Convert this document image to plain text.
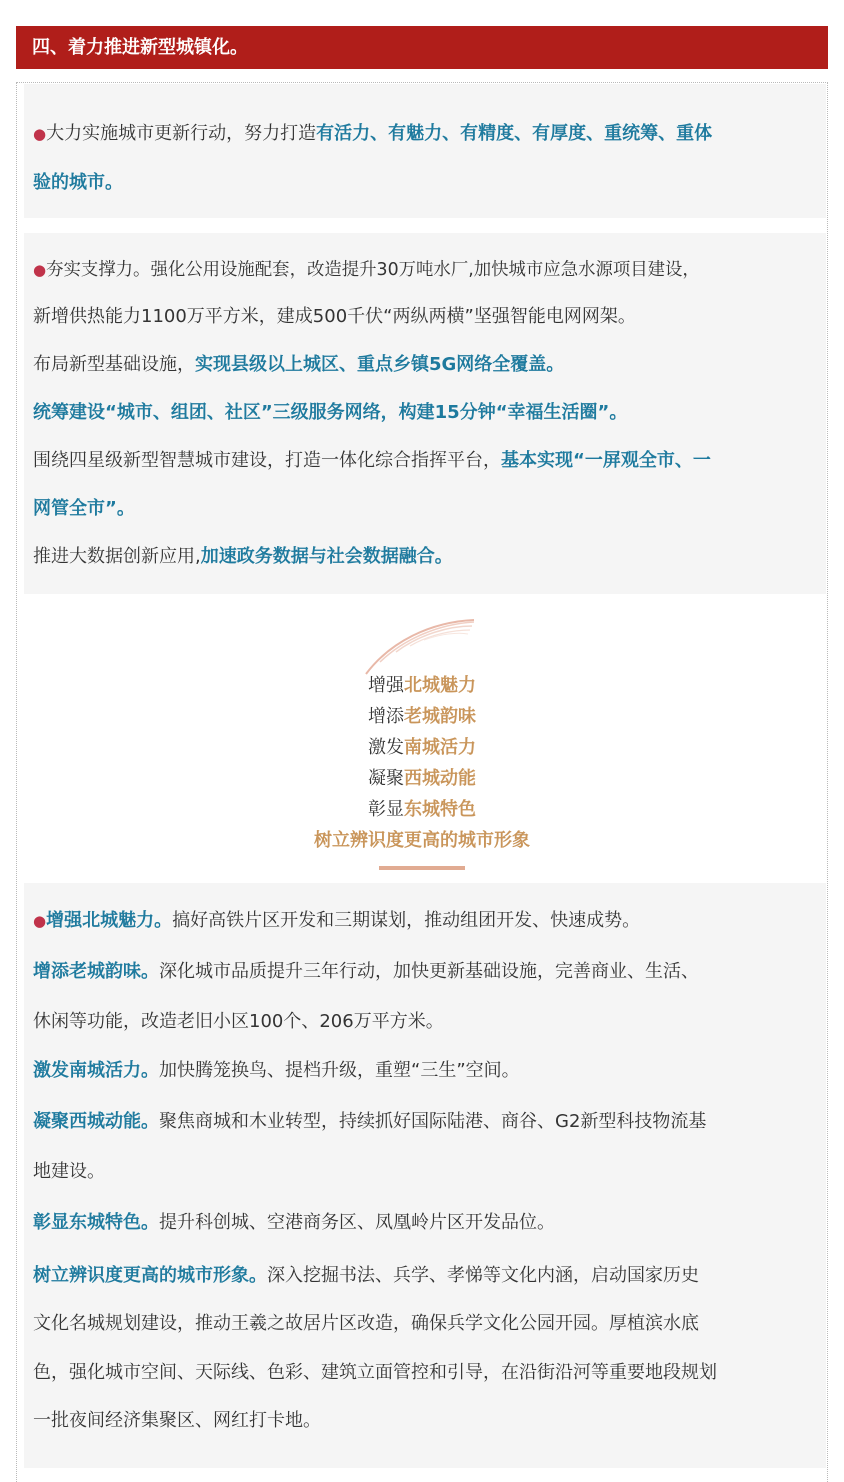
四、着力推进新型城镇化。

●大力实施城市更新行动，努力打造有活力、有魅力、有精度、有厚度、重统筹、重体

验的城市。

●夯实支撑力。强化公用设施配套，改造提升30万吨水厂,加快城市应急水源项目建设，

新增供热能力1100万平方米，建成500千伏“两纵两横”坚强智能电网网架。

布局新型基础设施，实现县级以上城区、重点乡镇5G网络全覆盖。

统筹建设“城市、组团、社区”三级服务网络，构建15分钟“幸福生活圈”。

围绕四星级新型智慧城市建设，打造一体化综合指挥平台，基本实现“一屏观全市、一

网管全市”。

推进大数据创新应用,加速政务数据与社会数据融合。

增强北城魅力
增添老城韵味
激发南城活力
凝聚西城动能
彰显东城特色
树立辨识度更高的城市形象

●增强北城魅力。搞好高铁片区开发和三期谋划，推动组团开发、快速成势。

增添老城韵味。深化城市品质提升三年行动，加快更新基础设施，完善商业、生活、

休闲等功能，改造老旧小区100个、206万平方米。

激发南城活力。加快腾笼换鸟、提档升级，重塑“三生”空间。

凝聚西城动能。聚焦商城和木业转型，持续抓好国际陆港、商谷、G2新型科技物流基

地建设。

彰显东城特色。提升科创城、空港商务区、凤凰岭片区开发品位。

树立辨识度更高的城市形象。深入挖掘书法、兵学、孝悌等文化内涵，启动国家历史

文化名城规划建设，推动王羲之故居片区改造，确保兵学文化公园开园。厚植滨水底

色，强化城市空间、天际线、色彩、建筑立面管控和引导，在沿街沿河等重要地段规划

一批夜间经济集聚区、网红打卡地。
